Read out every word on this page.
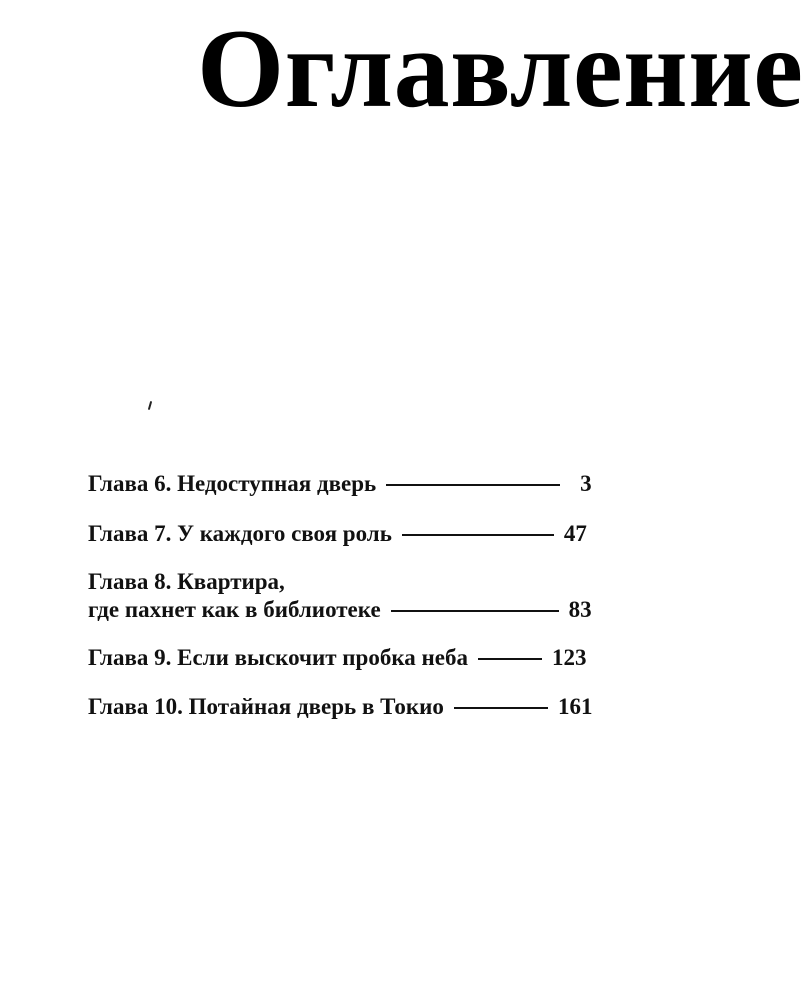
Оглавление
Глава 6. Недоступная дверь	3
Глава 7. У каждого своя роль	47
Глава 8. Квартира,
где пахнет как в библиотеке	83
Глава 9. Если выскочит пробка неба	123
Глава 10. Потайная дверь в Токио	161
